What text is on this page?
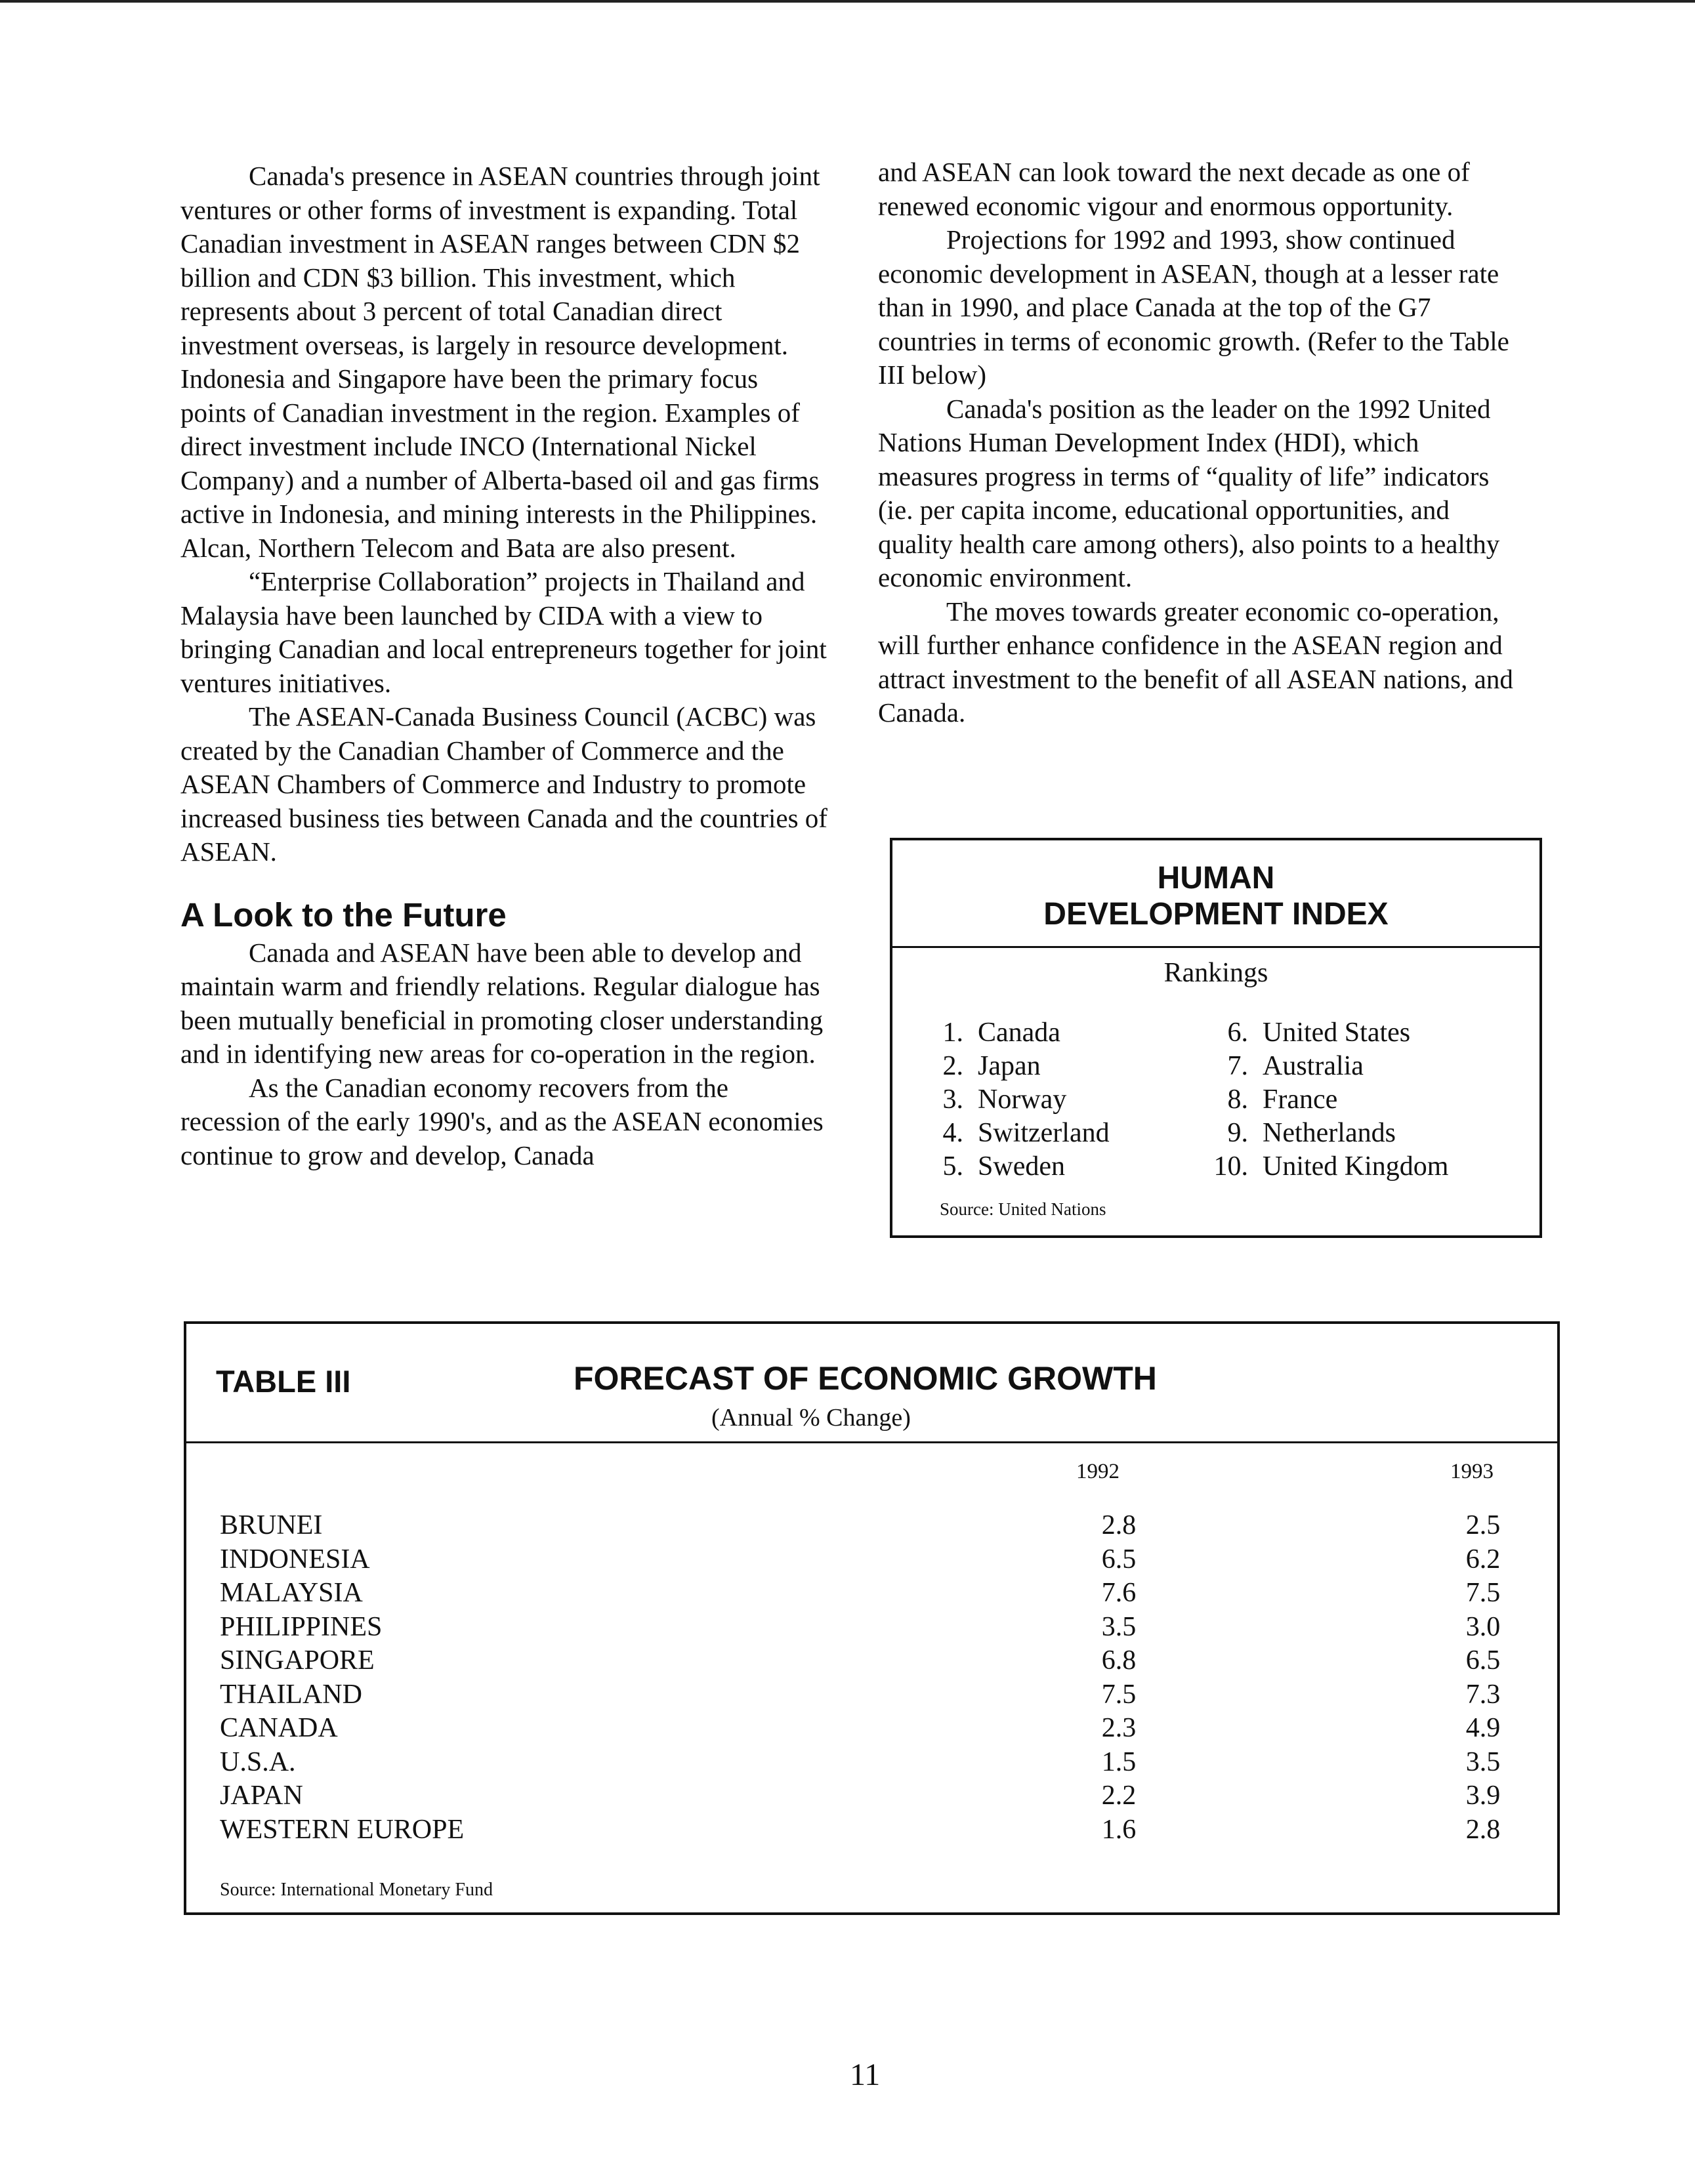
Canada's presence in ASEAN countries through joint ventures or other forms of investment is expanding. Total Canadian investment in ASEAN ranges between CDN $2 billion and CDN $3 billion. This investment, which represents about 3 percent of total Canadian direct investment overseas, is largely in resource development. Indonesia and Singapore have been the primary focus points of Canadian investment in the region. Examples of direct investment include INCO (International Nickel Company) and a number of Alberta-based oil and gas firms active in Indonesia, and mining interests in the Philippines. Alcan, Northern Telecom and Bata are also present.

“Enterprise Collaboration” projects in Thailand and Malaysia have been launched by CIDA with a view to bringing Canadian and local entrepreneurs together for joint ventures initiatives.

The ASEAN-Canada Business Council (ACBC) was created by the Canadian Chamber of Commerce and the ASEAN Chambers of Commerce and Industry to promote increased business ties between Canada and the countries of ASEAN.

A Look to the Future

Canada and ASEAN have been able to develop and maintain warm and friendly relations. Regular dialogue has been mutually beneficial in promoting closer understanding and in identifying new areas for co-operation in the region.

As the Canadian economy recovers from the recession of the early 1990's, and as the ASEAN economies continue to grow and develop, Canada

and ASEAN can look toward the next decade as one of renewed economic vigour and enormous opportunity.

Projections for 1992 and 1993, show continued economic development in ASEAN, though at a lesser rate than in 1990, and place Canada at the top of the G7 countries in terms of economic growth. (Refer to the Table III below)

Canada's position as the leader on the 1992 United Nations Human Development Index (HDI), which measures progress in terms of “quality of life” indicators (ie. per capita income, educational opportunities, and quality health care among others), also points to a healthy economic environment.

The moves towards greater economic co-operation, will further enhance confidence in the ASEAN region and attract investment to the benefit of all ASEAN nations, and Canada.

HUMAN
DEVELOPMENT INDEX
Rankings
1. Canada
2. Japan
3. Norway
4. Switzerland
5. Sweden
6. United States
7. Australia
8. France
9. Netherlands
10. United Kingdom
Source: United Nations
TABLE III	FORECAST OF ECONOMIC GROWTH
(Annual % Change)
1992	1993
BRUNEI	2.8	2.5
INDONESIA	6.5	6.2
MALAYSIA	7.6	7.5
PHILIPPINES	3.5	3.0
SINGAPORE	6.8	6.5
THAILAND	7.5	7.3
CANADA	2.3	4.9
U.S.A.	1.5	3.5
JAPAN	2.2	3.9
WESTERN EUROPE	1.6	2.8
Source: International Monetary Fund
11
